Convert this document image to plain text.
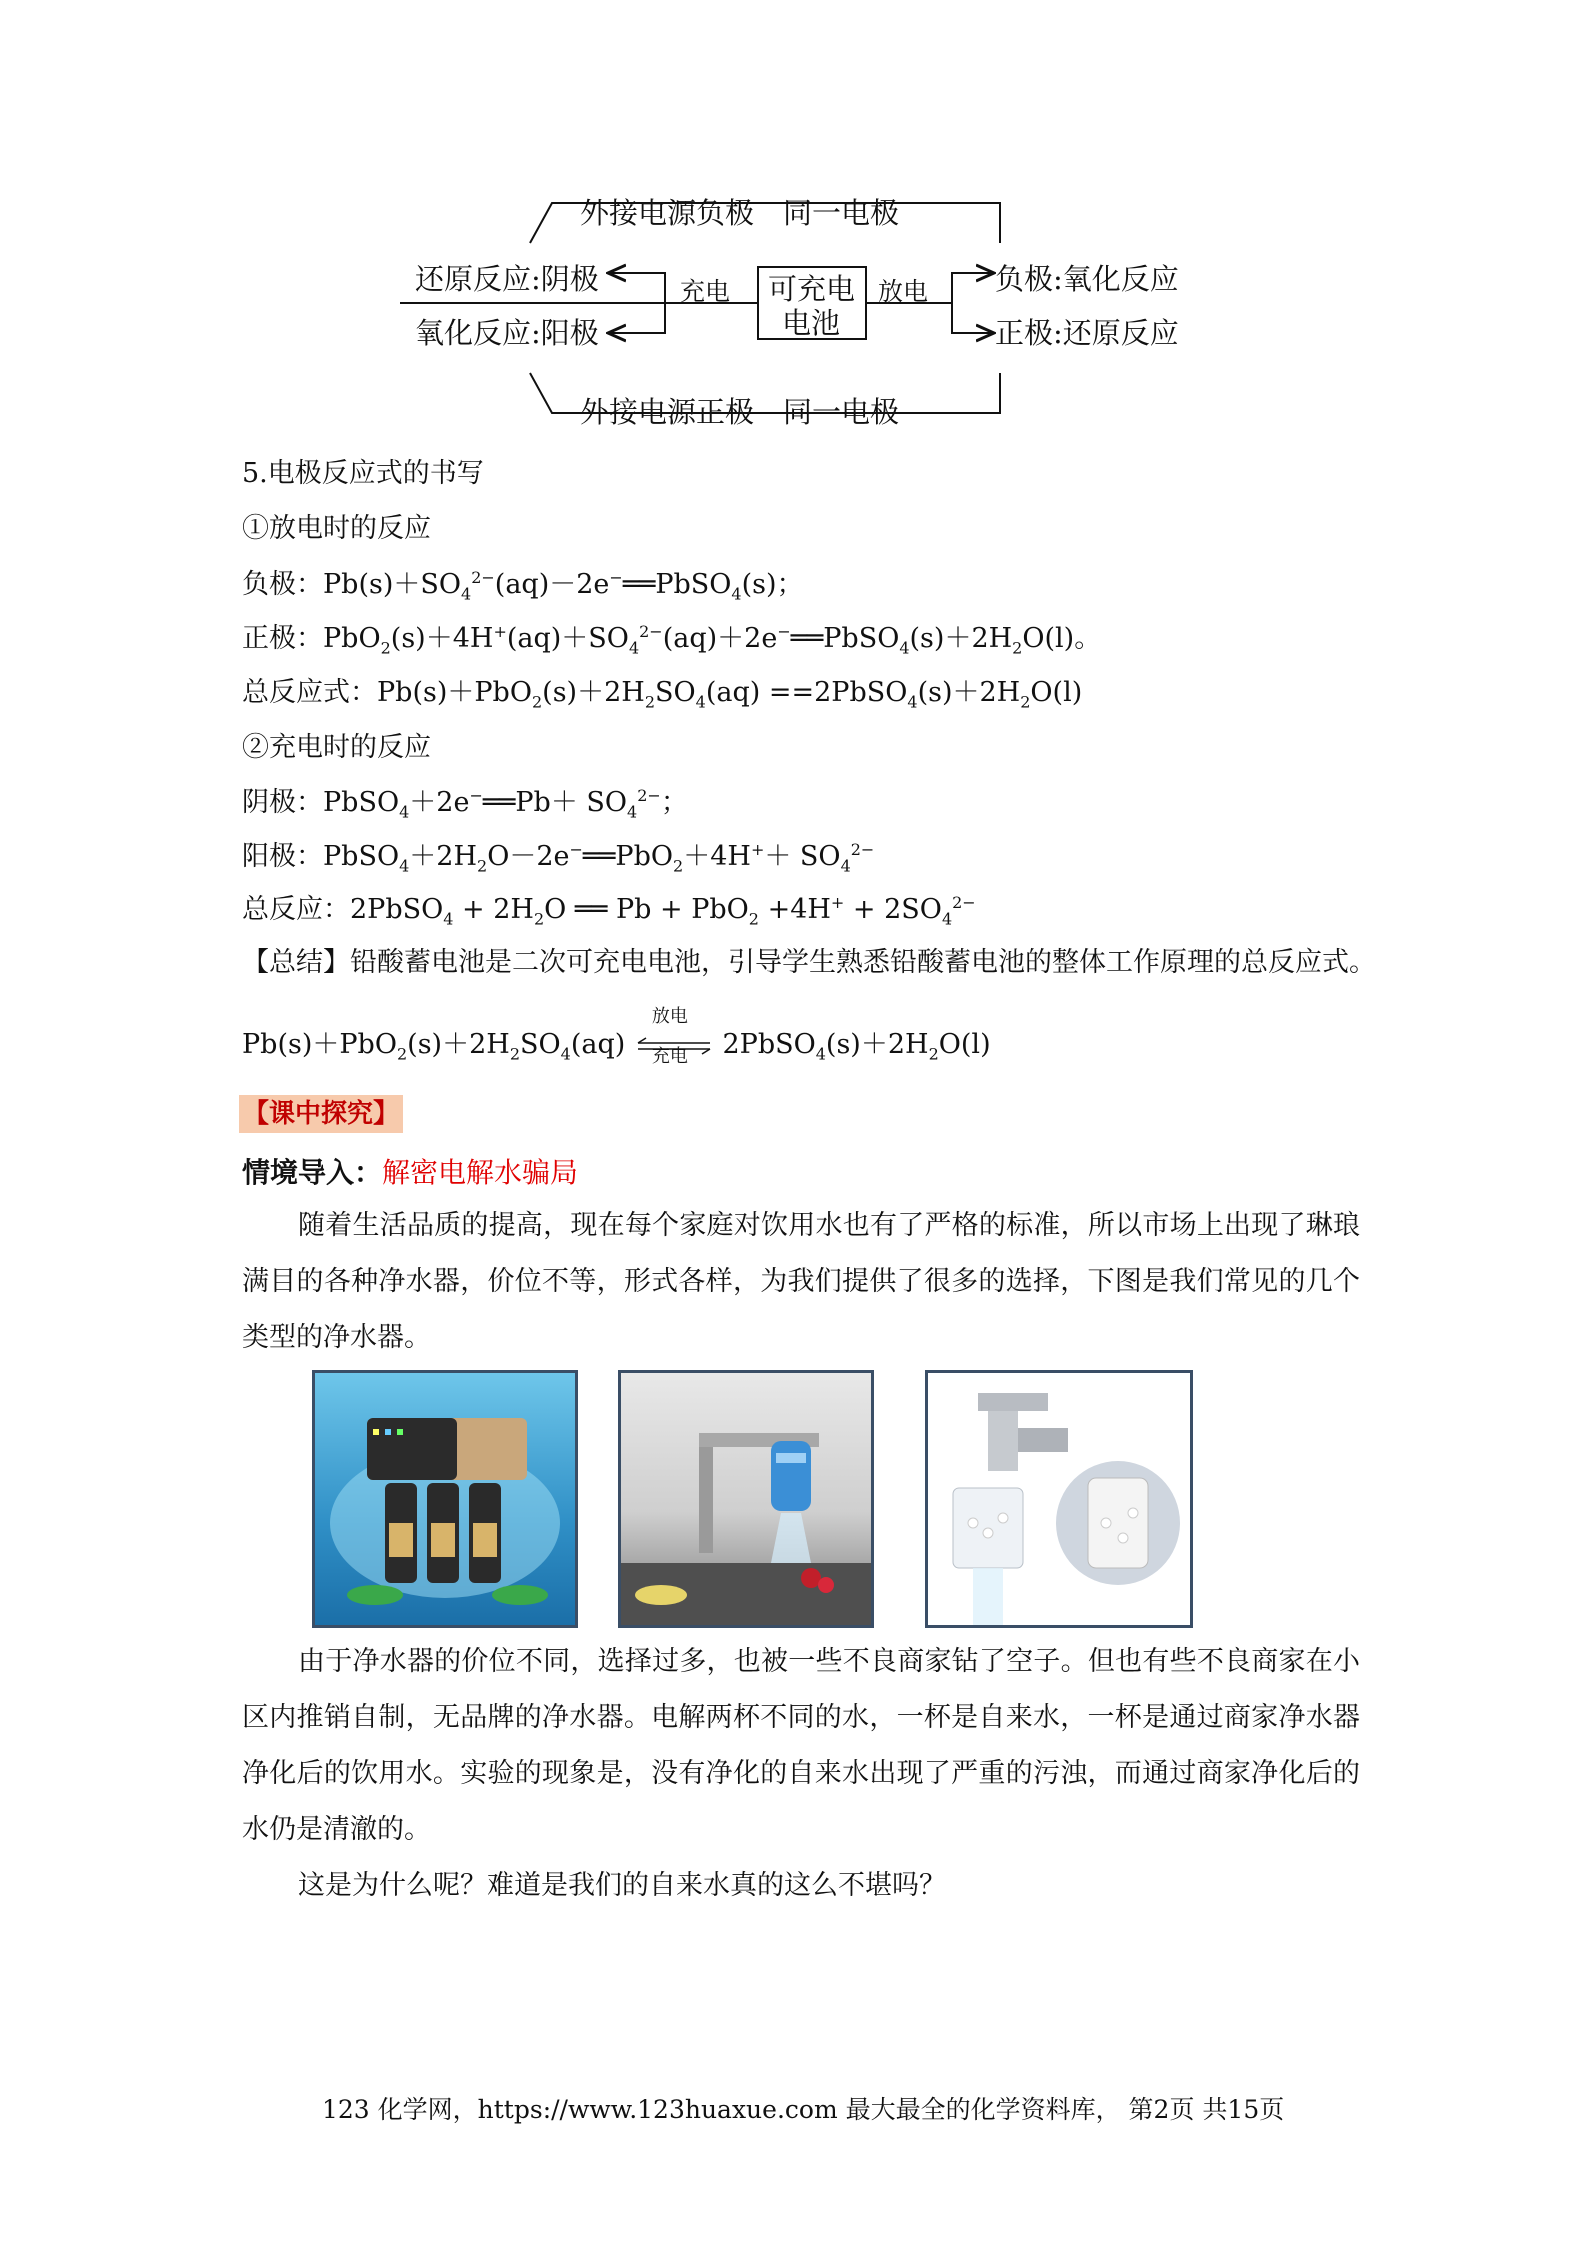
外接电源负极　同一电极
外接电源正极　同一电极
还原反应:阴极
氧化反应:阳极
充电 可充电
电池
放电 负极:氧化反应
正极:还原反应
5.电极反应式的书写
①放电时的反应
负极：$Pb(s)+SO_4^{2-}(aq)-2e^-══PbSO_4(s)$；
正极：$PbO_2(s)+4H^+(aq)+SO_4^{2-}(aq)+2e^-══PbSO_4(s)+2H_2O(l)$。
总反应式：$Pb(s)+PbO_2(s)+2H_2SO_4(aq)$ $==2PbSO_4(s)+2H_2O(l)$
②充电时的反应
阴极：PbSO$_4$＋2e−══Pb＋ $SO_4^{2-}$；
阳极：$PbSO_4+2H_2O-2e^-══PbO_2+4H^++ SO_4^{2-}$
总反应：2PbSO$_4$ + $2H_2O$ ══ $Pb + PbO_2 +4H^+ + 2SO_4^{2-}$
【总结】铅酸蓄电池是二次可充电电池，引导学生熟悉铅酸蓄电池的整体工作原理的总反应式。
$Pb(s)+PbO_2(s)+2H_2SO_4(aq)$
放电
充电 $2PbSO_4(s)+2H_2O(l)$
【课中探究】
情境导入：解密电解水骗局
随着生活品质的提高，现在每个家庭对饮用水也有了严格的标准，所以市场上出现了琳琅满目的各种净水器，价位不等，形式各样，为我们提供了很多的选择，下图是我们常见的几个类型的净水器。
由于净水器的价位不同，选择过多，也被一些不良商家钻了空子。但也有些不良商家在小区内推销自制，无品牌的净水器。电解两杯不同的水，一杯是自来水，一杯是通过商家净水器净化后的饮用水。实验的现象是，没有净化的自来水出现了严重的污浊，而通过商家净化后的水仍是清澈的。
这是为什么呢？难道是我们的自来水真的这么不堪吗？
123 化学网，https://www.123huaxue.com 最大最全的化学资料库， 第2页 共15页
